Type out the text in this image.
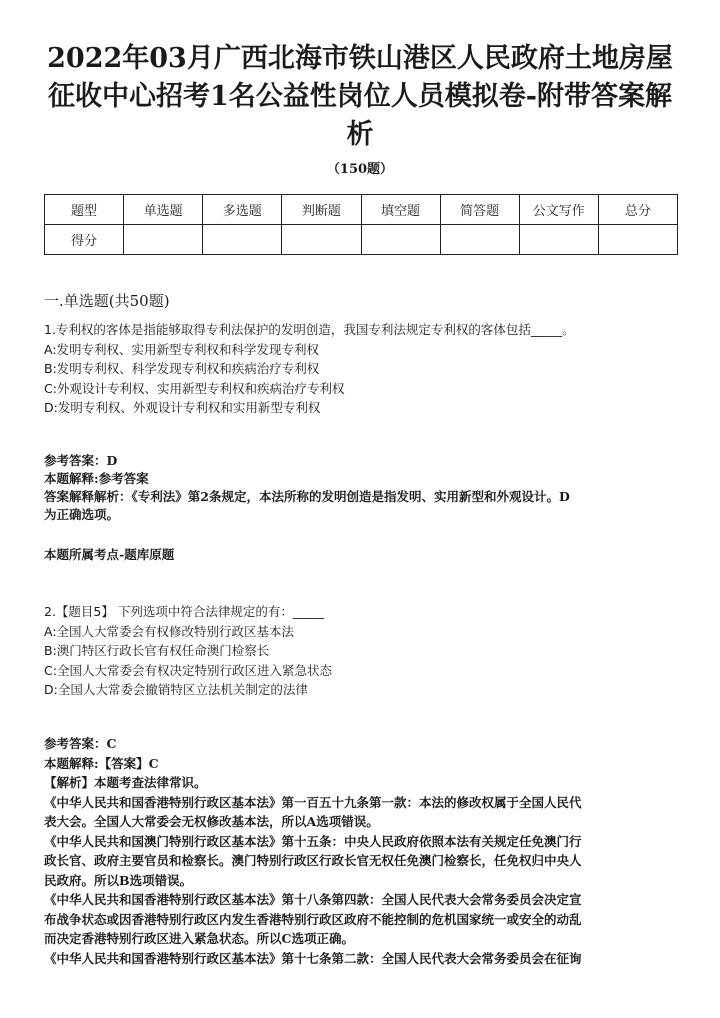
2022年03月广西北海市铁山港区人民政府土地房屋
征收中心招考1名公益性岗位人员模拟卷-附带答案解
析
（150题）
题型	单选题	多选题	判断题	填空题	简答题	公文写作	总分
得分							
一.单选题(共50题)

1.专利权的客体是指能够取得专利法保护的发明创造，我国专利法规定专利权的客体包括_____。

A:发明专利权、实用新型专利权和科学发现专利权

B:发明专利权、科学发现专利权和疾病治疗专利权

C:外观设计专利权、实用新型专利权和疾病治疗专利权

D:发明专利权、外观设计专利权和实用新型专利权

参考答案：D

本题解释:参考答案

答案解释解析：《专利法》第2条规定，本法所称的发明创造是指发明、实用新型和外观设计。D

为正确选项。

本题所属考点-题库原题

2.【题目5】 下列选项中符合法律规定的有：_____

A:全国人大常委会有权修改特别行政区基本法

B:澳门特区行政长官有权任命澳门检察长

C:全国人大常委会有权决定特别行政区进入紧急状态

D:全国人大常委会撤销特区立法机关制定的法律

参考答案：C

本题解释:【答案】C

【解析】本题考查法律常识。

《中华人民共和国香港特别行政区基本法》第一百五十九条第一款：本法的修改权属于全国人民代

表大会。全国人大常委会无权修改基本法，所以A选项错误。

《中华人民共和国澳门特别行政区基本法》第十五条：中央人民政府依照本法有关规定任免澳门行

政长官、政府主要官员和检察长。澳门特别行政区行政长官无权任免澳门检察长，任免权归中央人

民政府。所以B选项错误。

《中华人民共和国香港特别行政区基本法》第十八条第四款：全国人民代表大会常务委员会决定宣

布战争状态或因香港特别行政区内发生香港特别行政区政府不能控制的危机国家统一或安全的动乱

而决定香港特别行政区进入紧急状态。所以C选项正确。

《中华人民共和国香港特别行政区基本法》第十七条第二款：全国人民代表大会常务委员会在征询
